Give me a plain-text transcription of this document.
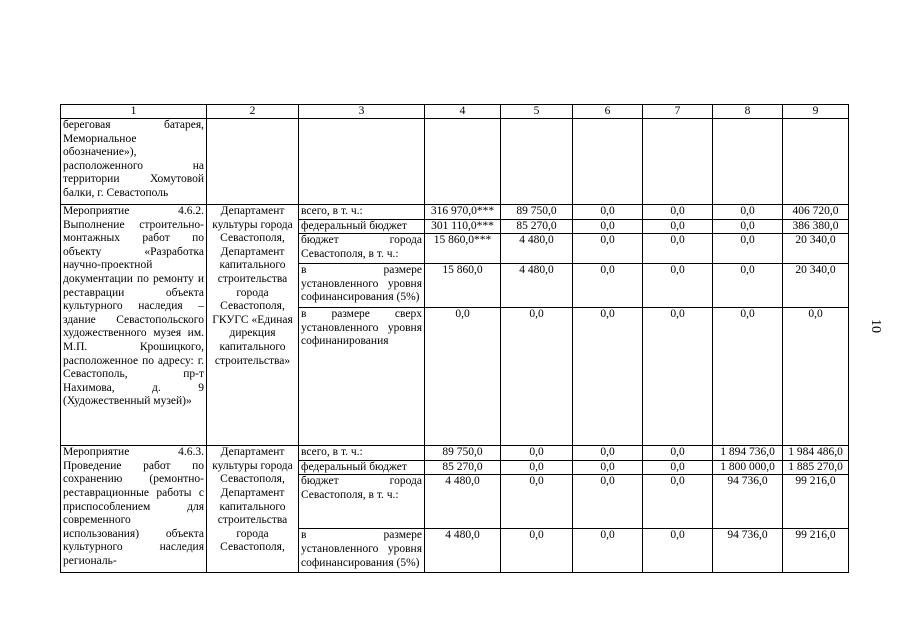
10
1	2	3	4	5	6	7	8	9
береговая батарея, Мемориальное обозначение»), расположенного на территории Хомутовой балки, г. Севастополь								
Мероприятие 4.6.2. Выполнение строительно-монтажных работ по объекту «Разработка научно-проектной документации по ремонту и реставрации объекта культурного наследия – здание Севастопольского художественного музея им. М.П. Крошицкого, расположенное по адресу: г. Севастополь, пр-т Нахимова, д. 9 (Художественный музей)»	Департамент культуры города Севастополя, Департамент капитального строительства города Севастополя, ГКУГС «Единая дирекция капитального строительства»	всего, в т. ч.:	316 970,0***	89 750,0	0,0	0,0	0,0	406 720,0
		федеральный бюджет	301 110,0***	85 270,0	0,0	0,0	0,0	386 380,0
		бюджет города Севастополя, в т. ч.:	15 860,0***	4 480,0	0,0	0,0	0,0	20 340,0
		в размере установленного уровня софинансирования (5%)	15 860,0	4 480,0	0,0	0,0	0,0	20 340,0
		в размере сверх установленного уровня софинанирования	0,0	0,0	0,0	0,0	0,0	0,0
Мероприятие 4.6.3. Проведение работ по сохранению (ремонтно-реставрационные работы с приспособлением для современного использования) объекта культурного наследия региональ-	Департамент культуры города Севастополя, Департамент капитального строительства города Севастополя,	всего, в т. ч.:	89 750,0	0,0	0,0	0,0	1 894 736,0	1 984 486,0
		федеральный бюджет	85 270,0	0,0	0,0	0,0	1 800 000,0	1 885 270,0
		бюджет города Севастополя, в т. ч.:	4 480,0	0,0	0,0	0,0	94 736,0	99 216,0
		в размере установленного уровня софинансирования (5%)	4 480,0	0,0	0,0	0,0	94 736,0	99 216,0
